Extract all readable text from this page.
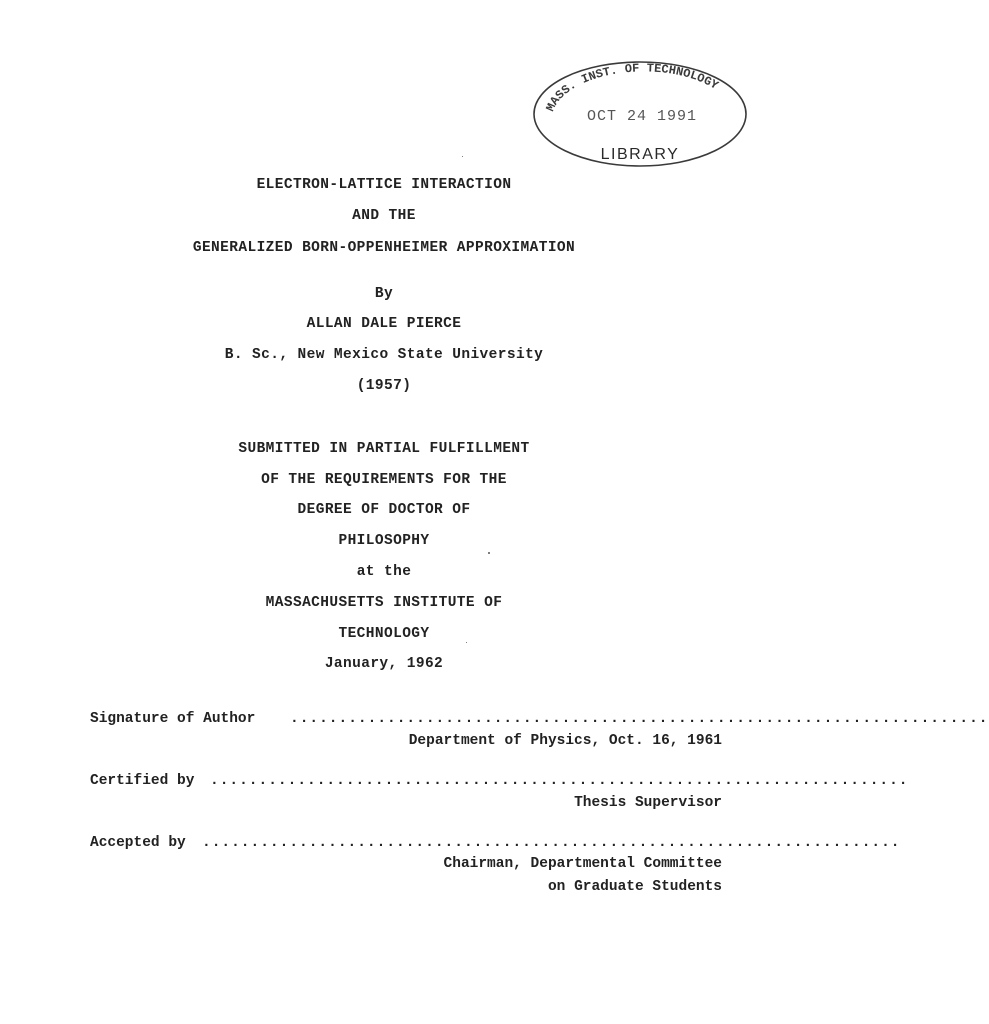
MASS. INST. OF TECHNOLOGY
OCT 24 1991
LIBRARY
ELECTRON-LATTICE INTERACTION
AND THE
GENERALIZED BORN-OPPENHEIMER APPROXIMATION
By
ALLAN DALE PIERCE
B. Sc., New Mexico State University
(1957)
SUBMITTED IN PARTIAL FULFILLMENT
OF THE REQUIREMENTS FOR THE
DEGREE OF DOCTOR OF
PHILOSOPHY
at the
MASSACHUSETTS INSTITUTE OF
TECHNOLOGY
January, 1962
........................................................................
Signature of Author
Department of Physics, Oct. 16, 1961
........................................................................
Certified by
Thesis Supervisor
........................................................................
Accepted by
Chairman, Departmental Committee
on Graduate Students
